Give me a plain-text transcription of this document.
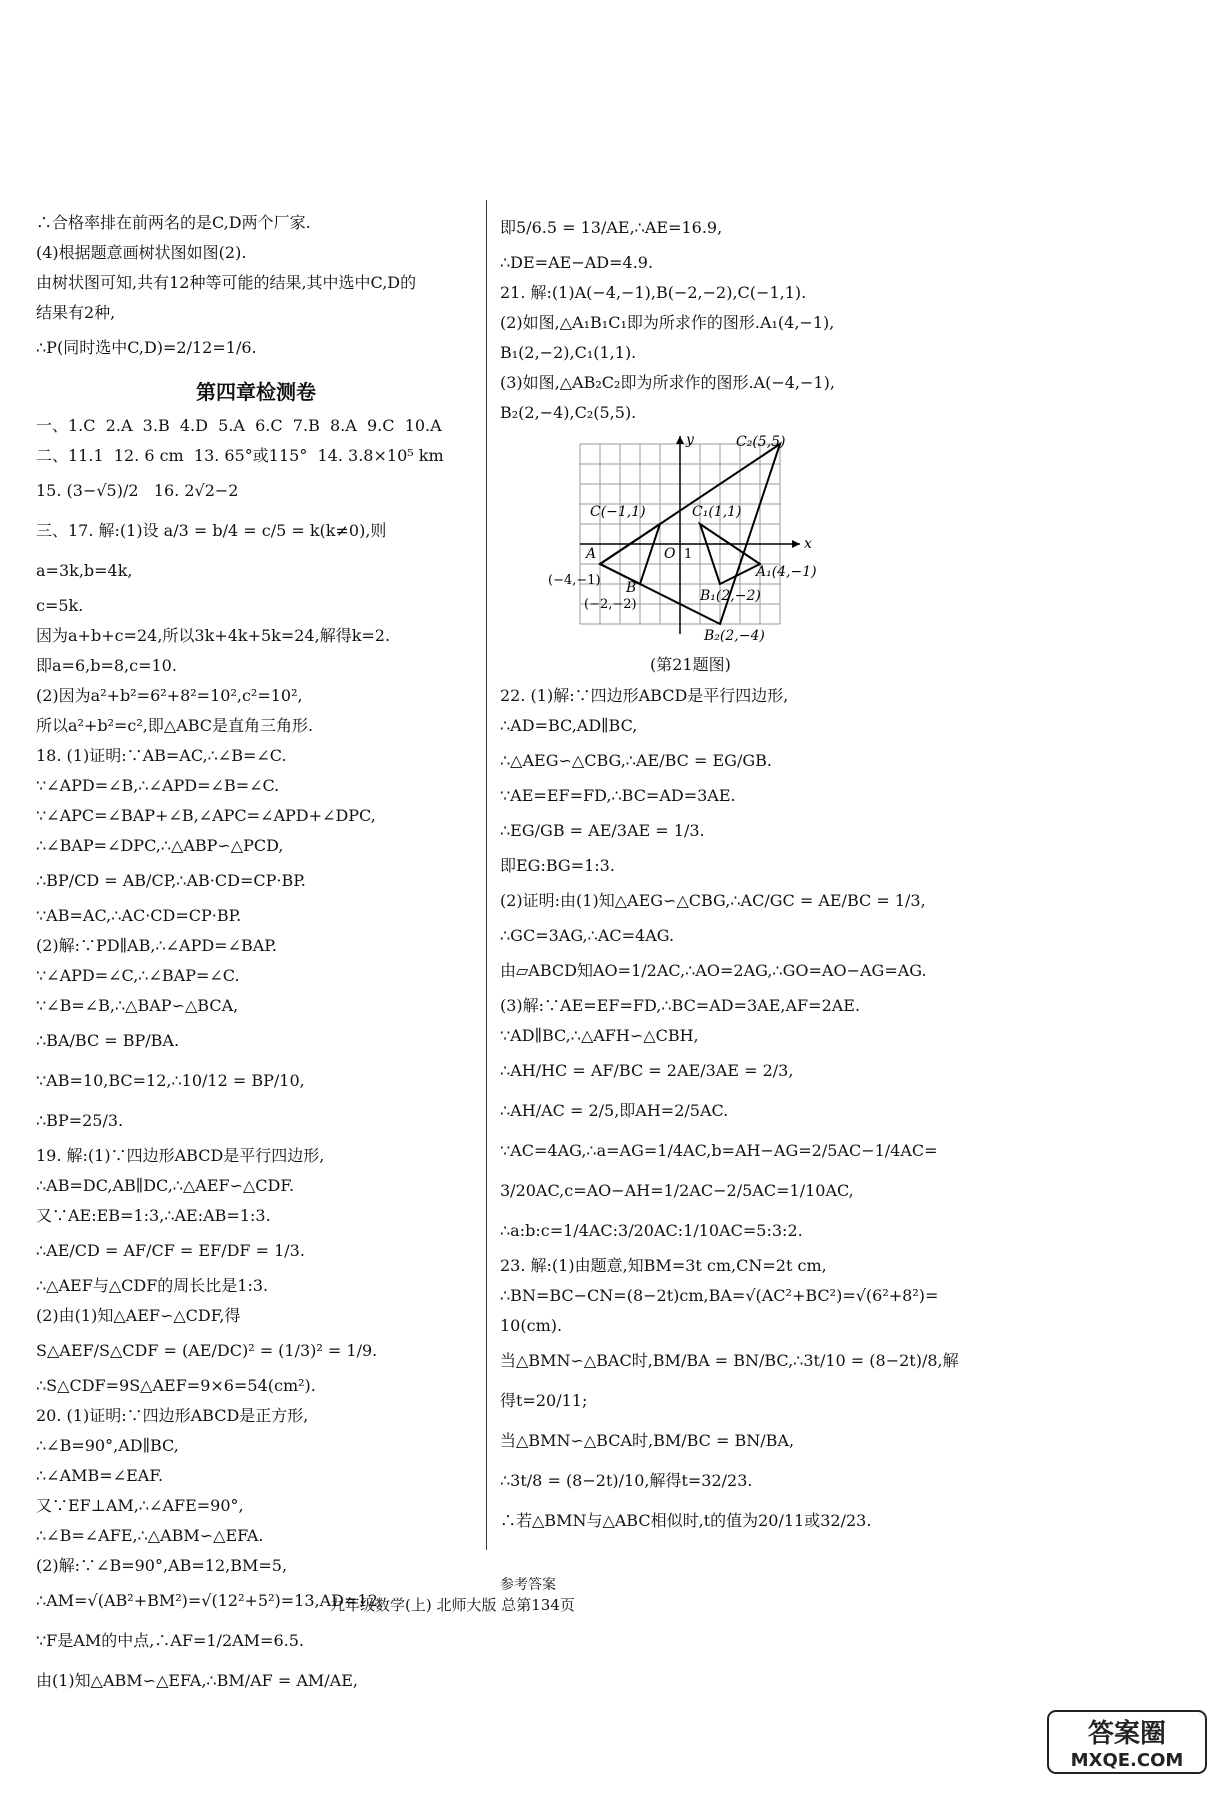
∴合格率排在前两名的是C,D两个厂家.
(4)根据题意画树状图如图(2).
由树状图可知,共有12种等可能的结果,其中选中C,D的
结果有2种,
∴P(同时选中C,D)=2/12=1/6.
第四章检测卷
一、1.C  2.A  3.B  4.D  5.A  6.C  7.B  8.A  9.C  10.A
二、11.1  12. 6 cm  13. 65°或115°  14. 3.8×10⁵ km
15. (3−√5)/2   16. 2√2−2
三、17. 解:(1)设 a/3 = b/4 = c/5 = k(k≠0),则 a=3k,b=4k,
c=5k.
因为a+b+c=24,所以3k+4k+5k=24,解得k=2.
即a=6,b=8,c=10.
(2)因为a²+b²=6²+8²=10²,c²=10²,
所以a²+b²=c²,即△ABC是直角三角形.
18. (1)证明:∵AB=AC,∴∠B=∠C.
∵∠APD=∠B,∴∠APD=∠B=∠C.
∵∠APC=∠BAP+∠B,∠APC=∠APD+∠DPC,
∴∠BAP=∠DPC,∴△ABP∽△PCD,
∴BP/CD = AB/CP,∴AB·CD=CP·BP.
∵AB=AC,∴AC·CD=CP·BP.
(2)解:∵PD∥AB,∴∠APD=∠BAP.
∵∠APD=∠C,∴∠BAP=∠C.
∵∠B=∠B,∴△BAP∽△BCA,
∴BA/BC = BP/BA.
∵AB=10,BC=12,∴10/12 = BP/10,
∴BP=25/3.
19. 解:(1)∵四边形ABCD是平行四边形,
∴AB=DC,AB∥DC,∴△AEF∽△CDF.
又∵AE:EB=1:3,∴AE:AB=1:3.
∴AE/CD = AF/CF = EF/DF = 1/3.
∴△AEF与△CDF的周长比是1:3.
(2)由(1)知△AEF∽△CDF,得
S△AEF/S△CDF = (AE/DC)² = (1/3)² = 1/9.
∴S△CDF=9S△AEF=9×6=54(cm²).
20. (1)证明:∵四边形ABCD是正方形,
∴∠B=90°,AD∥BC,
∴∠AMB=∠EAF.
又∵EF⊥AM,∴∠AFE=90°,
∴∠B=∠AFE,∴△ABM∽△EFA.
(2)解:∵∠B=90°,AB=12,BM=5,
∴AM=√(AB²+BM²)=√(12²+5²)=13,AD=12.
∵F是AM的中点,∴AF=1/2AM=6.5.
由(1)知△ABM∽△EFA,∴BM/AF = AM/AE,
即5/6.5 = 13/AE,∴AE=16.9,
∴DE=AE−AD=4.9.
21. 解:(1)A(−4,−1),B(−2,−2),C(−1,1).
(2)如图,△A₁B₁C₁即为所求作的图形.A₁(4,−1),
B₁(2,−2),C₁(1,1).
(3)如图,△AB₂C₂即为所求作的图形.A(−4,−1),
B₂(2,−4),C₂(5,5).
y
x
O 1
C₂(5,5)
C(−1,1)	C₁(1,1)
A
(−4,−1)
A₁(4,−1)
B
(−2,−2)
B₁(2,−2)
B₂(2,−4)
(第21题图)
22. (1)解:∵四边形ABCD是平行四边形,
∴AD=BC,AD∥BC,
∴△AEG∽△CBG,∴AE/BC = EG/GB.
∵AE=EF=FD,∴BC=AD=3AE.
∴EG/GB = AE/3AE = 1/3.
即EG:BG=1:3.
(2)证明:由(1)知△AEG∽△CBG,∴AC/GC = AE/BC = 1/3,
∴GC=3AG,∴AC=4AG.
由▱ABCD知AO=1/2AC,∴AO=2AG,∴GO=AO−AG=AG.
(3)解:∵AE=EF=FD,∴BC=AD=3AE,AF=2AE.
∵AD∥BC,∴△AFH∽△CBH,
∴AH/HC = AF/BC = 2AE/3AE = 2/3,
∴AH/AC = 2/5,即AH=2/5AC.
∵AC=4AG,∴a=AG=1/4AC,b=AH−AG=2/5AC−1/4AC=
3/20AC,c=AO−AH=1/2AC−2/5AC=1/10AC,
∴a:b:c=1/4AC:3/20AC:1/10AC=5:3:2.
23. 解:(1)由题意,知BM=3t cm,CN=2t cm,
∴BN=BC−CN=(8−2t)cm,BA=√(AC²+BC²)=√(6²+8²)=
10(cm).
当△BMN∽△BAC时,BM/BA = BN/BC,∴3t/10 = (8−2t)/8,解得t=20/11;
当△BMN∽△BCA时,BM/BC = BN/BA,
∴3t/8 = (8−2t)/10,解得t=32/23.
∴若△BMN与△ABC相似时,t的值为20/11或32/23.
参考答案
九年级数学(上) 北师大版 总第134页
答案圈
MXQE.COM
